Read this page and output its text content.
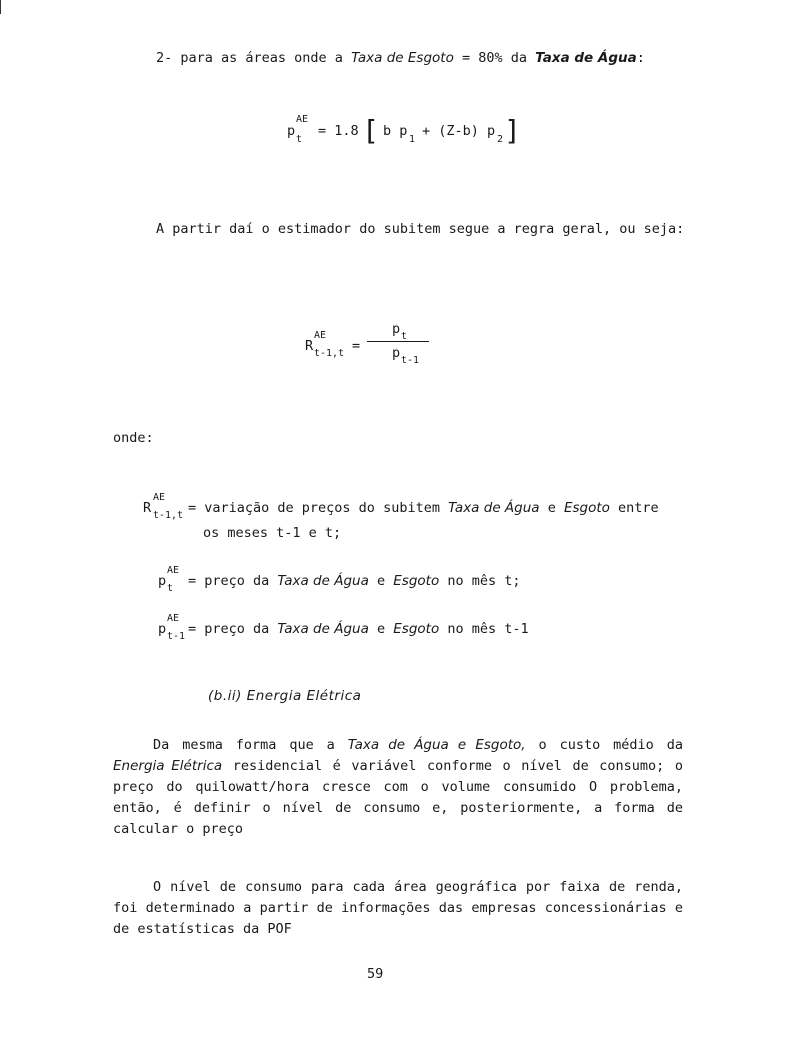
2- para as áreas onde a Taxa de Esgoto = 80% da Taxa de Água:
p
AE
t
= 1.8 [ b p
1
+ (Z-b) p
2 ]
A partir daí o estimador do subitem segue a regra geral, ou seja:
R
AE
t-1,t =
p t
p t-1
onde:
R
AE
t-1,t = variação de preços do subitem Taxa de Água e Esgoto entre
os meses t-1 e t;
p
AE
t = preço da Taxa de Água e Esgoto no mês t;
p
AE
t-1 = preço da Taxa de Água e Esgoto no mês t-1
(b.ii) Energia Elétrica
Da mesma forma que a Taxa de Água e Esgoto, o custo médio da
Energia Elétrica residencial é variável conforme o nível de consumo; o
preço do quilowatt/hora cresce com o volume consumido O problema,
então, é definir o nível de consumo e, posteriormente, a forma de
calcular o preço
O nível de consumo para cada área geográfica por faixa de renda,
foi determinado a partir de informações das empresas concessionárias e
de estatísticas da POF
59
